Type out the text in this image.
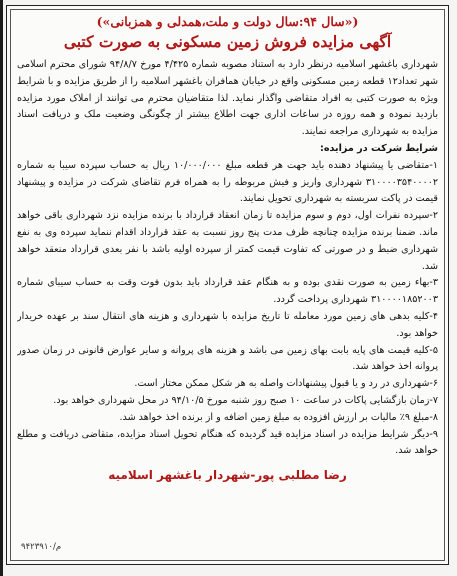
(«سال ۹۴:سال دولت و ملت،همدلی و همزبانی»)
آگهی مزایده فروش زمین مسکونی به صورت کتبی

شهرداری باغشهر اسلامیه درنظر دارد به استناد مصوبه شماره ۴/۴۲۵ مورخ ۹۴/۸/۷ شورای محترم اسلامی شهر تعداد۱۲ قطعه زمین مسکونی واقع در خیابان همافران باغشهر اسلامیه را از طریق مزایده و با شرایط ویژه به صورت کتبی به افراد متقاضی واگذار نماید. لذا متقاضیان محترم می توانند از املاک مورد مزایده بازدید نموده و همه روزه در ساعات اداری جهت اطلاع بیشتر از چگونگی وضعیت ملک و دریافت اسناد مزایده به شهرداری مراجعه نمایند.

شرایط شرکت در مزایده:

۱-متقاضی یا پیشنهاد دهنده باید جهت هر قطعه مبلغ ۱۰/۰۰۰/۰۰۰ ریال به حساب سپرده سیبا به شماره ۳۱۰۰۰۰۳۵۴۰۰۰۰۲ شهرداری واریز و فیش مربوطه را به همراه فرم تقاضای شرکت در مزایده و پیشنهاد قیمت در پاکت سربسته به شهرداری تحویل نمایند.

۲-سپرده نفرات اول، دوم و سوم مزایده تا زمان انعقاد قرارداد با برنده مزایده نزد شهرداری باقی خواهد ماند. ضمنا برنده مزایده چنانچه ظرف مدت پنج روز نسبت به عقد قرارداد اقدام ننماید سپرده وی به نفع شهرداری ضبط و در صورتی که تفاوت قیمت کمتر از سپرده اولیه باشد با نفر بعدی قرارداد منعقد خواهد شد.

۳-بهاء زمین به صورت نقدی بوده و به هنگام عقد قرارداد باید بدون فوت وقت به حساب سیبای شماره ۳۱۰۰۰۰۱۸۵۲۰۰۳ شهرداری پرداخت گردد.

۴-کلیه بدهی های زمین مورد معامله تا تاریخ مزایده با شهرداری و هزینه های انتقال سند بر عهده خریدار خواهد بود.

۵-کلیه قیمت های پایه بابت بهای زمین می باشد و هزینه های پروانه و سایر عوارض قانونی در زمان صدور پروانه اخذ خواهد شد.

۶-شهرداری در رد و یا قبول پیشنهادات واصله به هر شکل ممکن مختار است.

۷-زمان بازگشایی پاکات در ساعت ۱۰ صبح روز شنبه مورخ ۹۴/۱۰/۵ در محل شهرداری خواهد بود.

۸-مبلغ ۹٪ مالیات بر ارزش افزوده به مبلغ زمین اضافه و از برنده اخذ خواهد شد.

۹-دیگر شرایط مزایده در اسناد مزایده قید گردیده که هنگام تحویل اسناد مزایده، متقاضی دریافت و مطلع خواهد شد.

رضا مطلبی پور-شهردار باغشهر اسلامیه
م/۹۴۲۳۹۱۰
